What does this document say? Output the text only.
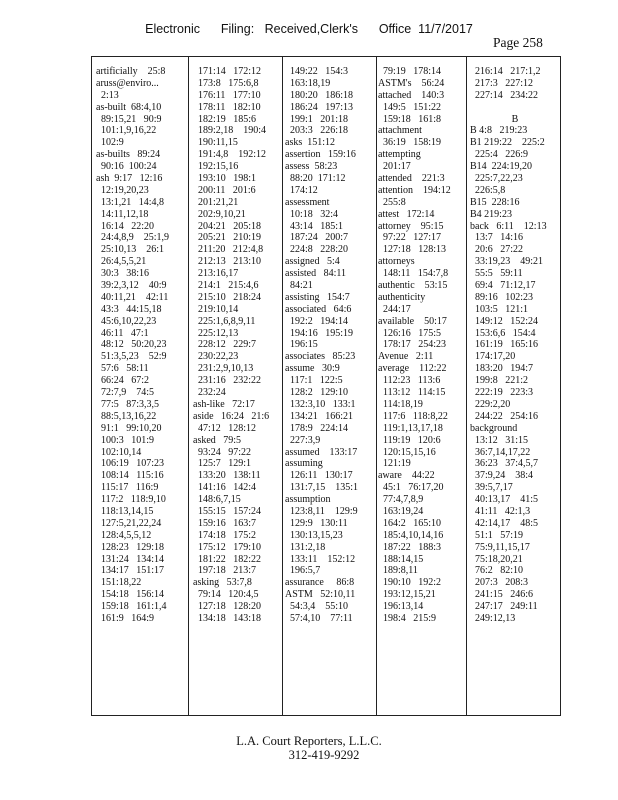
Electronic      Filing:   Received,Clerk's      Office  11/7/2017
Page 258
artificially    25:8
aruss@enviro...
2:13
as-built  68:4,10
89:15,21   90:9
101:1,9,16,22
102:9
as-builts   89:24
90:16  100:24
ash  9:17   12:16
12:19,20,23
13:1,21   14:4,8
14:11,12,18
16:14   22:20
24:4,8,9    25:1,9
25:10,13    26:1
26:4,5,5,21
30:3   38:16
39:2,3,12    40:9
40:11,21    42:11
43:3   44:15,18
45:6,10,22,23
46:11   47:1
48:12   50:20,23
51:3,5,23    52:9
57:6   58:11
66:24   67:2
72:7,9    74:5
77:5   87:3,3,5
88:5,13,16,22
91:1   99:10,20
100:3   101:9
102:10,14
106:19   107:23
108:14   115:16
115:17   116:9
117:2   118:9,10
118:13,14,15
127:5,21,22,24
128:4,5,5,12
128:23   129:18
131:24   134:14
134:17   151:17
151:18,22
154:18   156:14
159:18   161:1,4
161:9   164:9
171:14   172:12
173:8   175:6,8
176:11   177:10
178:11   182:10
182:19   185:6
189:2,18    190:4
190:11,15
191:4,8    192:12
192:15,16
193:10   198:1
200:11   201:6
201:21,21
202:9,10,21
204:21   205:18
205:21   210:19
211:20   212:4,8
212:13   213:10
213:16,17
214:1   215:4,6
215:10   218:24
219:10,14
225:1,6,8,9,11
225:12,13
228:12   229:7
230:22,23
231:2,9,10,13
231:16   232:22
232:24
ash-like   72:17
aside   16:24   21:6
47:12   128:12
asked   79:5
93:24   97:22
125:7   129:1
133:20   138:11
141:16   142:4
148:6,7,15
155:15   157:24
159:16   163:7
174:18   175:2
175:12   179:10
181:22   182:22
197:18   213:7
asking   53:7,8
79:14   120:4,5
127:18   128:20
134:18   143:18
149:22   154:3
163:18,19
180:20   186:18
186:24   197:13
199:1   201:18
203:3   226:18
asks  151:12
assertion   159:16
assess  58:23
88:20  171:12
174:12
assessment
10:18   32:4
43:14   185:1
187:24   200:7
224:8   228:20
assigned   5:4
assisted   84:11
84:21
assisting   154:7
associated   64:6
192:2   194:14
194:16   195:19
196:15
associates   85:23
assume   30:9
117:1   122:5
128:2   129:10
132:3,10   133:1
134:21   166:21
178:9   224:14
227:3,9
assumed    133:17
assuming
126:11   130:17
131:7,15    135:1
assumption
123:8,11    129:9
129:9   130:11
130:13,15,23
131:2,18
133:11    152:12
196:5,7
assurance     86:8
ASTM   52:10,11
54:3,4    55:10
57:4,10    77:11
79:19   178:14
ASTM's    56:24
attached    140:3
149:5   151:22
159:18   161:8
attachment
36:19   158:19
attempting
201:17
attended    221:3
attention    194:12
255:8
attest   172:14
attorney    95:15
97:22   127:17
127:18   128:13
attorneys
148:11   154:7,8
authentic    53:15
authenticity
244:17
available    50:17
126:16   175:5
178:17   254:23
Avenue   2:11
average    112:22
112:23   113:6
113:12   114:15
114:18,19
117:6   118:8,22
119:1,13,17,18
119:19   120:6
120:15,15,16
121:19
aware    44:22
45:1   76:17,20
77:4,7,8,9
163:19,24
164:2   165:10
185:4,10,14,16
187:22   188:3
188:14,15
189:8,11
190:10   192:2
193:12,15,21
196:13,14
198:4   215:9
216:14   217:1,2
217:3   227:12
227:14   234:22
B
B 4:8   219:23
B1 219:22    225:2
225:4   226:9
B14  224:19,20
225:7,22,23
226:5,8
B15  228:16
B4 219:23
back   6:11    12:13
13:7   14:16
20:6   27:22
33:19,23    49:21
55:5   59:11
69:4   71:12,17
89:16   102:23
103:5   121:1
149:12   152:24
153:6,6   154:4
161:19   165:16
174:17,20
183:20   194:7
199:8   221:2
222:19   223:3
229:2,20
244:22   254:16
background
13:12   31:15
36:7,14,17,22
36:23   37:4,5,7
37:9,24    38:4
39:5,7,17
40:13,17    41:5
41:11   42:1,3
42:14,17    48:5
51:1   57:19
75:9,11,15,17
75:18,20,21
76:2   82:10
207:3   208:3
241:15   246:6
247:17   249:11
249:12,13
L.A. Court Reporters, L.L.C.
312-419-9292
